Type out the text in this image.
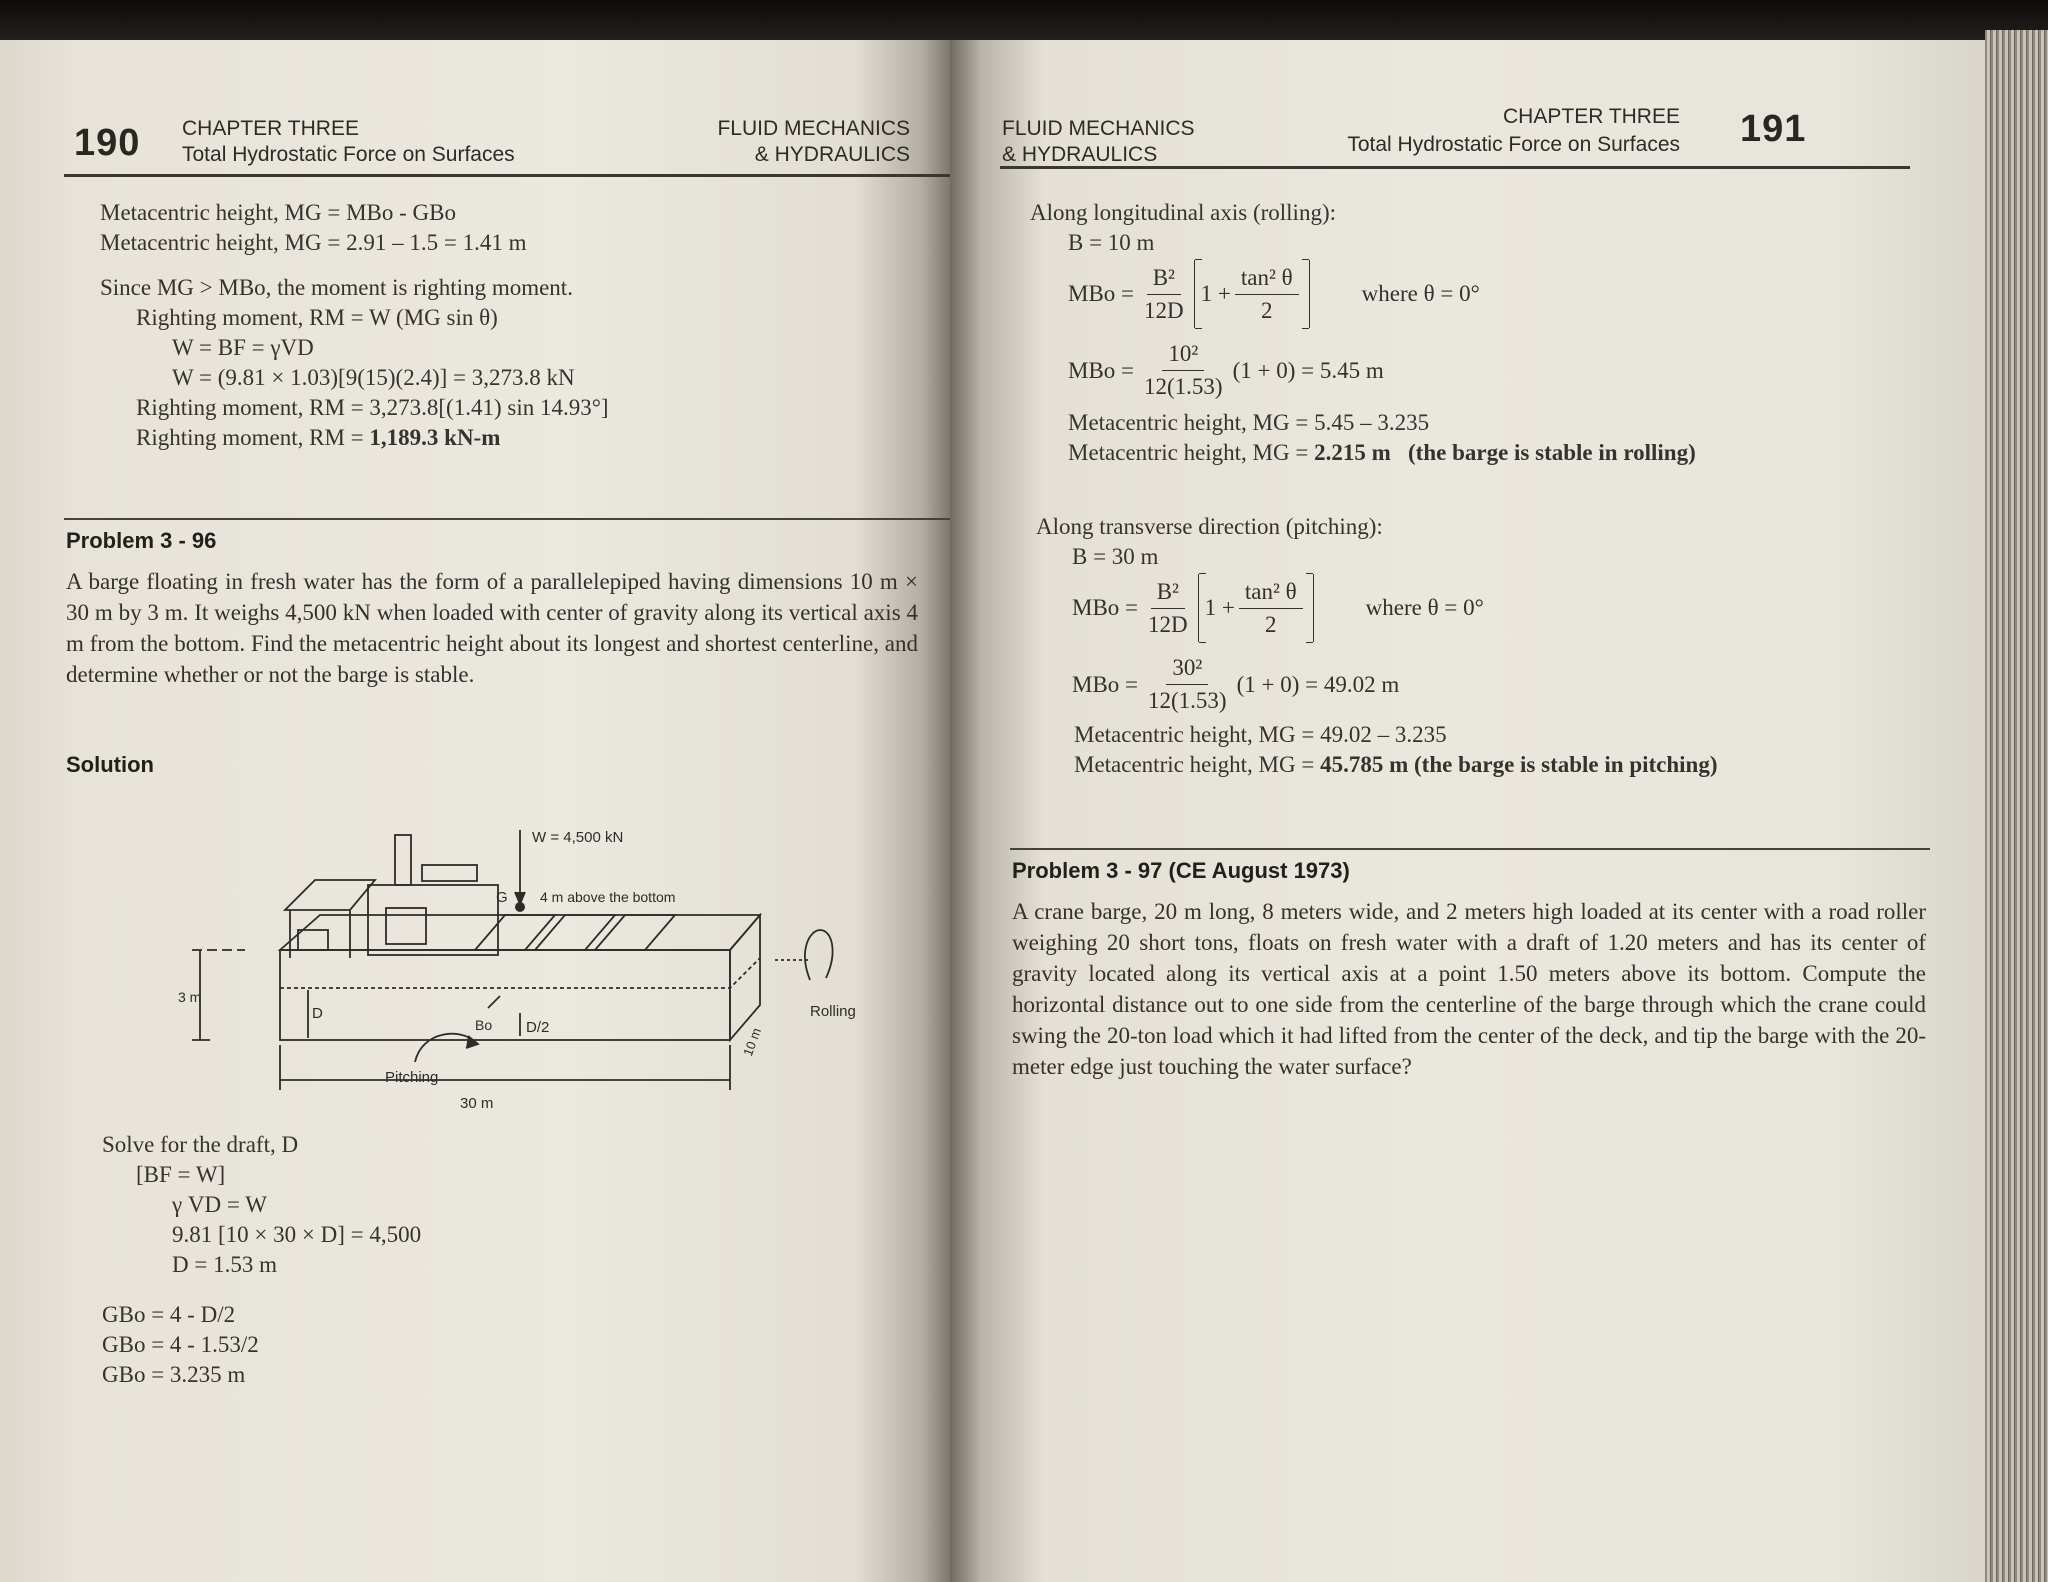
190 CHAPTER THREE
Total Hydrostatic Force on Surfaces
FLUID MECHANICS
& HYDRAULICS
Metacentric height, MG = MBo - GBo
Metacentric height, MG = 2.91 – 1.5 = 1.41 m
Since MG > MBo, the moment is righting moment.
Righting moment, RM = W (MG sin θ)
W = BF = γVD
W = (9.81 × 1.03)[9(15)(2.4)] = 3,273.8 kN
Righting moment, RM = 3,273.8[(1.41) sin 14.93°]
Righting moment, RM = 1,189.3 kN-m
Problem 3 - 96
A barge floating in fresh water has the form of a parallelepiped having dimensions 10 m × 30 m by 3 m. It weighs 4,500 kN when loaded with center of gravity along its vertical axis 4 m from the bottom. Find the metacentric height about its longest and shortest centerline, and determine whether or not the barge is stable.
Solution
W = 4,500 kN
G 4 m above the bottom
3 m
D
Bo D/2	10 m
30 m
Pitching
Rolling
Solve for the draft, D
[BF = W]
γ VD = W
9.81 [10 × 30 × D] = 4,500
D = 1.53 m
GBo = 4 - D/2
GBo = 4 - 1.53/2
GBo = 3.235 m
FLUID MECHANICS
& HYDRAULICS
CHAPTER THREE
Total Hydrostatic Force on Surfaces 191
Along longitudinal axis (rolling):
B = 10 m
MBo = $\frac{\text{B²}}{12D} 1 + \frac{\text{tan² θ}}{2}$	where θ = 0°
MBo = $\frac{\text{10²}}{12(1.53)} (1 + 0) = 5.45$ m
Metacentric height, MG = 5.45 – 3.235
Metacentric height, MG = 2.215 m (the barge is stable in rolling)
Along transverse direction (pitching):
B = 30 m
MBo = $\frac{\text{B²}}{12D} 1 + \frac{\text{tan² θ}}{2}$	where θ = 0°
MBo = $\frac{\text{30²}}{12(1.53)} (1 + 0) = 49.02$ m
Metacentric height, MG = 49.02 – 3.235
Metacentric height, MG = 45.785 m (the barge is stable in pitching)
Problem 3 - 97 (CE August 1973)
A crane barge, 20 m long, 8 meters wide, and 2 meters high loaded at its center with a road roller weighing 20 short tons, floats on fresh water with a draft of 1.20 meters and has its center of gravity located along its vertical axis at a point 1.50 meters above its bottom. Compute the horizontal distance out to one side from the centerline of the barge through which the crane could swing the 20-ton load which it had lifted from the center of the deck, and tip the barge with the 20-meter edge just touching the water surface?
